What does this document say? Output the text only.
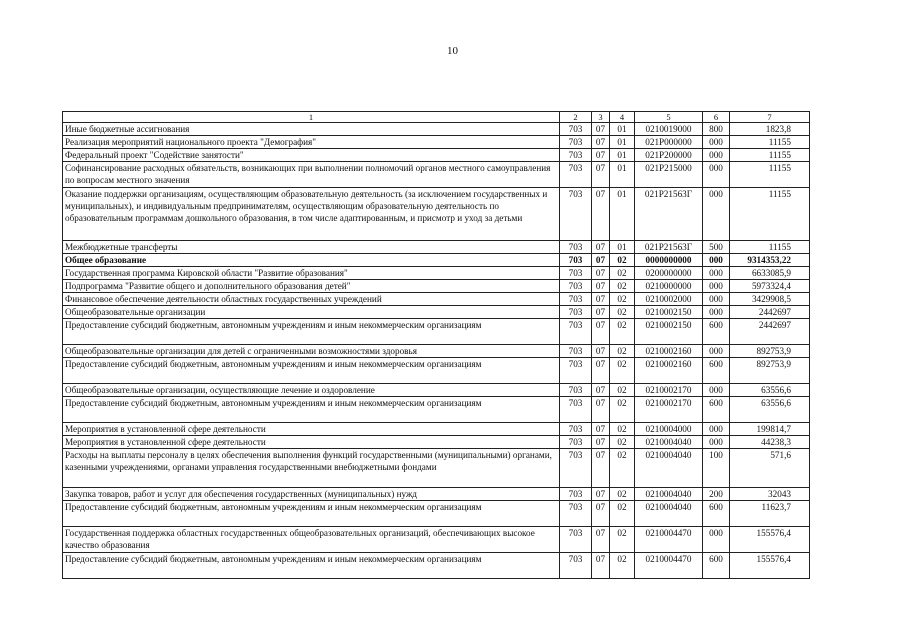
10
1	2	3	4	5	6	7
Иные бюджетные ассигнования	703	07	01	0210019000	800	1823,8
Реализация мероприятий национального проекта "Демография"	703	07	01	021P000000	000	11155
Федеральный проект "Содействие занятости"	703	07	01	021P200000	000	11155
Софинансирование расходных обязательств, возникающих при выполнении полномочий органов местного самоуправления по вопросам местного значения	703	07	01	021P215000	000	11155
Оказание поддержки организациям, осуществляющим образовательную деятельность (за исключением государственных и муниципальных), и индивидуальным предпринимателям, осуществляющим образовательную деятельность по образовательным программам дошкольного образования, в том числе адаптированным, и присмотр и уход за детьми	703	07	01	021P21563Г	000	11155
Межбюджетные трансферты	703	07	01	021P21563Г	500	11155
Общее образование	703	07	02	0000000000	000	9314353,22
Государственная программа Кировской области "Развитие образования"	703	07	02	0200000000	000	6633085,9
Подпрограмма "Развитие общего и дополнительного образования детей"	703	07	02	0210000000	000	5973324,4
Финансовое обеспечение деятельности областных государственных учреждений	703	07	02	0210002000	000	3429908,5
Общеобразовательные организации	703	07	02	0210002150	000	2442697
Предоставление субсидий бюджетным, автономным учреждениям и иным некоммерческим организациям	703	07	02	0210002150	600	2442697
Общеобразовательные организации для детей с ограниченными возможностями здоровья	703	07	02	0210002160	000	892753,9
Предоставление субсидий бюджетным, автономным учреждениям и иным некоммерческим организациям	703	07	02	0210002160	600	892753,9
Общеобразовательные организации, осуществляющие лечение и оздоровление	703	07	02	0210002170	000	63556,6
Предоставление субсидий бюджетным, автономным учреждениям и иным некоммерческим организациям	703	07	02	0210002170	600	63556,6
Мероприятия в установленной сфере деятельности	703	07	02	0210004000	000	199814,7
Мероприятия в установленной сфере деятельности	703	07	02	0210004040	000	44238,3
Расходы на выплаты персоналу в целях обеспечения выполнения функций государственными (муниципальными) органами, казенными учреждениями, органами управления государственными внебюджетными фондами	703	07	02	0210004040	100	571,6
Закупка товаров, работ и услуг для обеспечения государственных (муниципальных) нужд	703	07	02	0210004040	200	32043
Предоставление субсидий бюджетным, автономным учреждениям и иным некоммерческим организациям	703	07	02	0210004040	600	11623,7
Государственная поддержка областных государственных общеобразовательных организаций, обеспечивающих высокое качество образования	703	07	02	0210004470	000	155576,4
Предоставление субсидий бюджетным, автономным учреждениям и иным некоммерческим организациям	703	07	02	0210004470	600	155576,4
